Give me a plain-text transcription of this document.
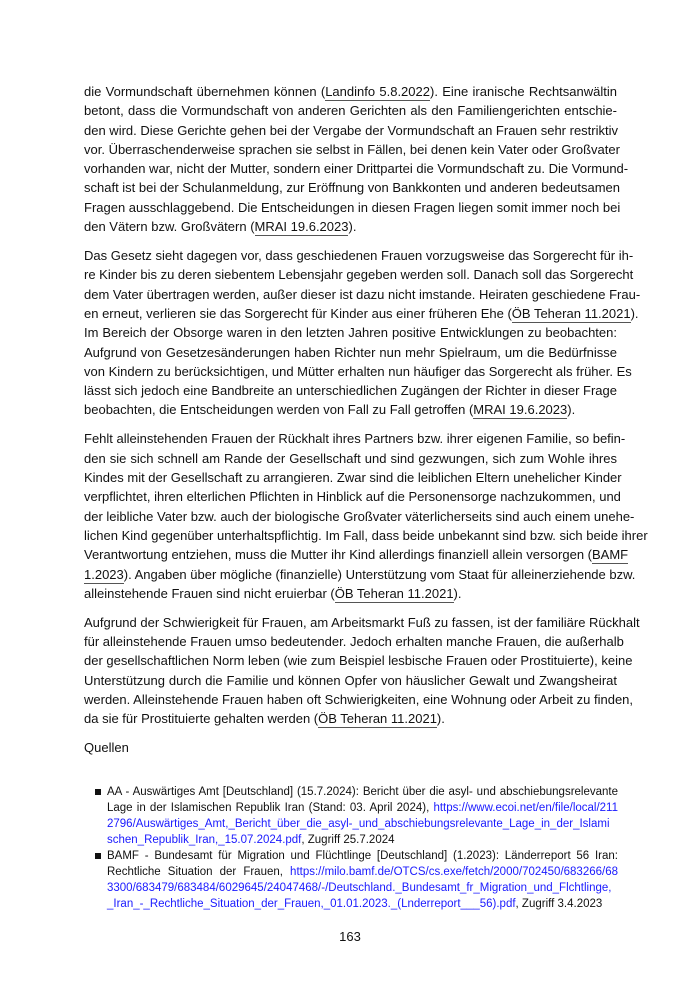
die Vormundschaft übernehmen können (Landinfo 5.8.2022). Eine iranische Rechtsanwältin
betont, dass die Vormundschaft von anderen Gerichten als den Familiengerichten entschie-
den wird. Diese Gerichte gehen bei der Vergabe der Vormundschaft an Frauen sehr restriktiv
vor. Überraschenderweise sprachen sie selbst in Fällen, bei denen kein Vater oder Großvater
vorhanden war, nicht der Mutter, sondern einer Drittpartei die Vormundschaft zu. Die Vormund-
schaft ist bei der Schulanmeldung, zur Eröffnung von Bankkonten und anderen bedeutsamen
Fragen ausschlaggebend. Die Entscheidungen in diesen Fragen liegen somit immer noch bei
den Vätern bzw. Großvätern (MRAI 19.6.2023).
Das Gesetz sieht dagegen vor, dass geschiedenen Frauen vorzugsweise das Sorgerecht für ih-
re Kinder bis zu deren siebentem Lebensjahr gegeben werden soll. Danach soll das Sorgerecht
dem Vater übertragen werden, außer dieser ist dazu nicht imstande. Heiraten geschiedene Frau-
en erneut, verlieren sie das Sorgerecht für Kinder aus einer früheren Ehe (ÖB Teheran 11.2021).
Im Bereich der Obsorge waren in den letzten Jahren positive Entwicklungen zu beobachten:
Aufgrund von Gesetzesänderungen haben Richter nun mehr Spielraum, um die Bedürfnisse
von Kindern zu berücksichtigen, und Mütter erhalten nun häufiger das Sorgerecht als früher. Es
lässt sich jedoch eine Bandbreite an unterschiedlichen Zugängen der Richter in dieser Frage
beobachten, die Entscheidungen werden von Fall zu Fall getroffen (MRAI 19.6.2023).
Fehlt alleinstehenden Frauen der Rückhalt ihres Partners bzw. ihrer eigenen Familie, so befin-
den sie sich schnell am Rande der Gesellschaft und sind gezwungen, sich zum Wohle ihres
Kindes mit der Gesellschaft zu arrangieren. Zwar sind die leiblichen Eltern unehelicher Kinder
verpflichtet, ihren elterlichen Pflichten in Hinblick auf die Personensorge nachzukommen, und
der leibliche Vater bzw. auch der biologische Großvater väterlicherseits sind auch einem unehe-
lichen Kind gegenüber unterhaltspflichtig. Im Fall, dass beide unbekannt sind bzw. sich beide ihrer
Verantwortung entziehen, muss die Mutter ihr Kind allerdings finanziell allein versorgen (BAMF
1.2023). Angaben über mögliche (finanzielle) Unterstützung vom Staat für alleinerziehende bzw.
alleinstehende Frauen sind nicht eruierbar (ÖB Teheran 11.2021).
Aufgrund der Schwierigkeit für Frauen, am Arbeitsmarkt Fuß zu fassen, ist der familiäre Rückhalt
für alleinstehende Frauen umso bedeutender. Jedoch erhalten manche Frauen, die außerhalb
der gesellschaftlichen Norm leben (wie zum Beispiel lesbische Frauen oder Prostituierte), keine
Unterstützung durch die Familie und können Opfer von häuslicher Gewalt und Zwangsheirat
werden. Alleinstehende Frauen haben oft Schwierigkeiten, eine Wohnung oder Arbeit zu finden,
da sie für Prostituierte gehalten werden (ÖB Teheran 11.2021).
Quellen
AA - Auswärtiges Amt [Deutschland] (15.7.2024): Bericht über die asyl- und abschiebungsrelevante
Lage in der Islamischen Republik Iran (Stand: 03. April 2024), https://www.ecoi.net/en/file/local/211
2796/Auswärtiges_Amt,_Bericht_über_die_asyl-_und_abschiebungsrelevante_Lage_in_der_Islami
schen_Republik_Iran,_15.07.2024.pdf, Zugriff 25.7.2024
BAMF - Bundesamt für Migration und Flüchtlinge [Deutschland] (1.2023): Länderreport 56 Iran:
Rechtliche Situation der Frauen, https://milo.bamf.de/OTCS/cs.exe/fetch/2000/702450/683266/68
3300/683479/683484/6029645/24047468/-/Deutschland._Bundesamt_fr_Migration_und_Flchtlinge,
_Iran_-_Rechtliche_Situation_der_Frauen,_01.01.2023._(Lnderreport___56).pdf, Zugriff 3.4.2023
163
